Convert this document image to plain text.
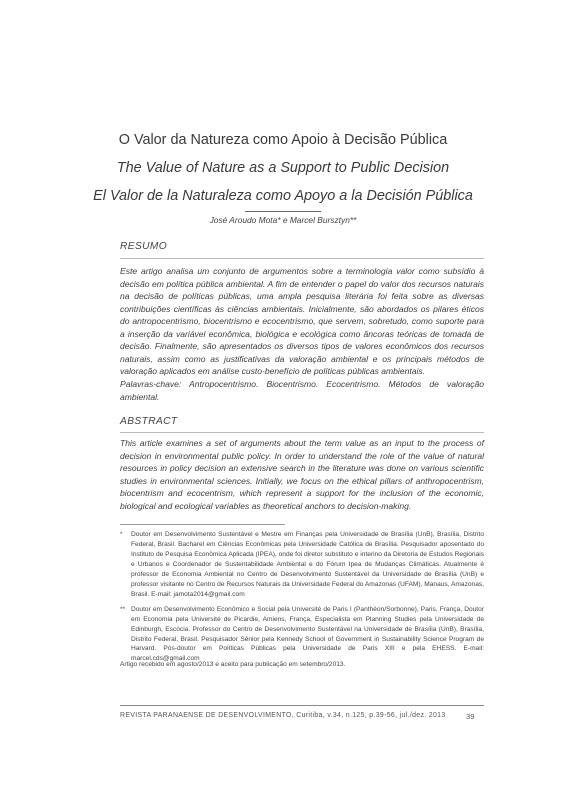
O Valor da Natureza como Apoio à Decisão Pública
The Value of Nature as a Support to Public Decision
El Valor de la Naturaleza como Apoyo a la Decisión Pública
José Aroudo Mota* e Marcel Bursztyn**
RESUMO
Este artigo analisa um conjunto de argumentos sobre a terminologia valor como subsídio à decisão em política pública ambiental. A fim de entender o papel do valor dos recursos naturais na decisão de políticas públicas, uma ampla pesquisa literária foi feita sobre as diversas contribuições científicas às ciências ambientais. Inicialmente, são abordados os pilares éticos do antropocentrismo, biocentrismo e ecocentrismo, que servem, sobretudo, como suporte para a inserção da variável econômica, biológica e ecológica como âncoras teóricas de tomada de decisão. Finalmente, são apresentados os diversos tipos de valores econômicos dos recursos naturais, assim como as justificativas da valoração ambiental e os principais métodos de valoração aplicados em análise custo-benefício de políticas públicas ambientais.
Palavras-chave: Antropocentrismo. Biocentrismo. Ecocentrismo. Métodos de valoração ambiental.
ABSTRACT
This article examines a set of arguments about the term value as an input to the process of decision in environmental public policy. In order to understand the role of the value of natural resources in policy decision an extensive search in the literature was done on various scientific studies in environmental sciences. Initially, we focus on the ethical pillars of anthropocentrism, biocentrism and ecocentrism, which represent a support for the inclusion of the economic, biological and ecological variables as theoretical anchors to decision-making.
* Doutor em Desenvolvimento Sustentável e Mestre em Finanças pela Universidade de Brasília (UnB), Brasília, Distrito Federal, Brasil. Bacharel em Ciências Econômicas pela Universidade Católica de Brasília. Pesquisador aposentado do Instituto de Pesquisa Econômica Aplicada (IPEA), onde foi diretor substituto e interino da Diretoria de Estudos Regionais e Urbanos e Coordenador de Sustentabilidade Ambiental e do Fórum Ipea de Mudanças Climáticas. Atualmente é professor de Economia Ambiental no Centro de Desenvolvimento Sustentável da Universidade de Brasília (UnB) e professor visitante no Centro de Recursos Naturais da Universidade Federal do Amazonas (UFAM), Manaus, Amazonas, Brasil. E-mail: jamota2014@gmail.com
** Doutor em Desenvolvimento Econômico e Social pela Université de Paris I (Panthéon/Sorbonne), Paris, França, Doutor em Economia pela Université de Picardie, Amiens, França, Especialista em Planning Studies pela Universidade de Edinburgh, Escócia. Professor do Centro de Desenvolvimento Sustentável na Universidade de Brasília (UnB), Brasília, Distrito Federal, Brasil. Pesquisador Sênior pela Kennedy School of Government in Sustainability Science Program de Harvard. Pós-doutor em Políticas Públicas pela Universidade de Paris XIII e pela EHESS. E-mail: marcel.cds@gmail.com
Artigo recebido em agosto/2013 e aceito para publicação em setembro/2013.
REVISTA PARANAENSE DE DESENVOLVIMENTO, Curitiba, v.34, n.125, p.39-56, jul./dez. 2013	39
